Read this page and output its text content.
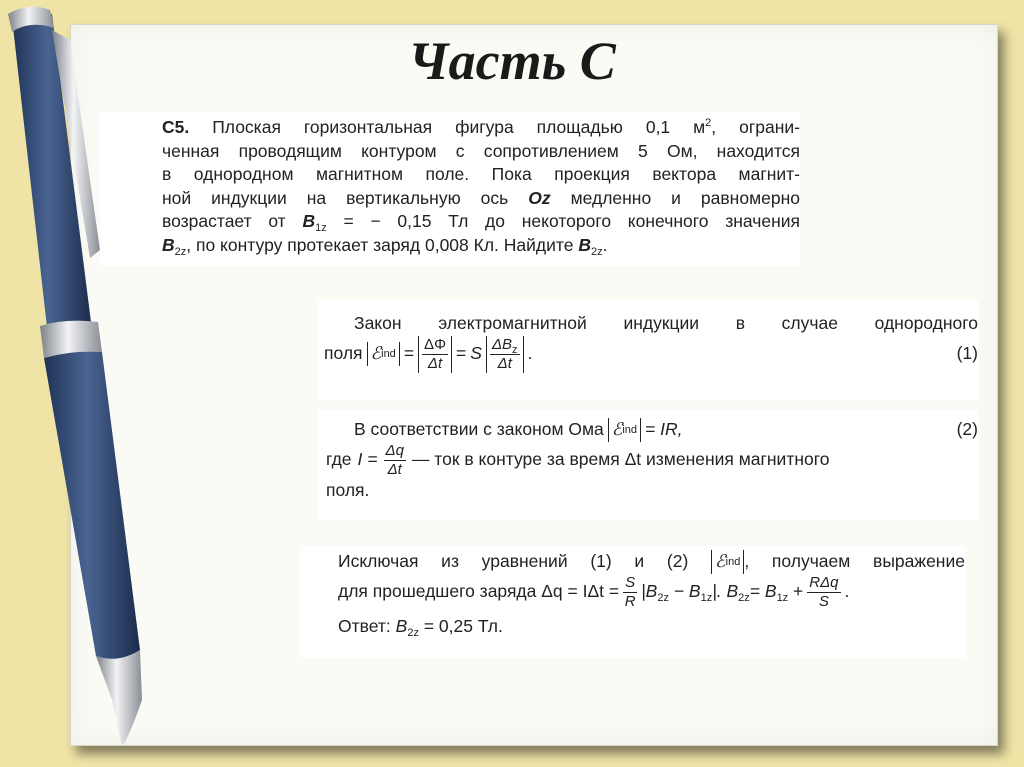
Часть С

С5. Плоская горизонтальная фигура площадью 0,1 $м^2$, ограни-

ченная проводящим контуром с сопротивлением 5 Ом, находится

в однородном магнитном поле. Пока проекция вектора магнит-

ной индукции на вертикальную ось Oz медленно и равномерно

возрастает от $B_{1z}$ = − 0,15 Тл до некоторого конечного значения

$B_{2z}$, по контуру протекает заряд 0,008 Кл. Найдите $B_{2z}$.

Закон электромагнитной индукции в случае однородного

поля ℰ ind = $\frac{\Delta\Phi}{\Delta t} = S \frac{\Delta B_z}{\Delta t}$ .	(1)
В соответствии с законом Ома ℰ ind = IR,	(2)
где $I = \frac{\Delta q}{\Delta t}$ — ток в контуре за время Δt изменения магнитного

поля.

Исключая из уравнений (1) и (2) ℰ ind , получаем выражение

для прошедшего заряда $\Delta q = I\Delta t = \frac{S}{R} |B_{2z} - B_{1z}|$. $B_{2z}= B_{1z} + \frac{\text{RΔq}}{S}$ .

Ответ: $B_{2z} = 0,25$ Тл.
